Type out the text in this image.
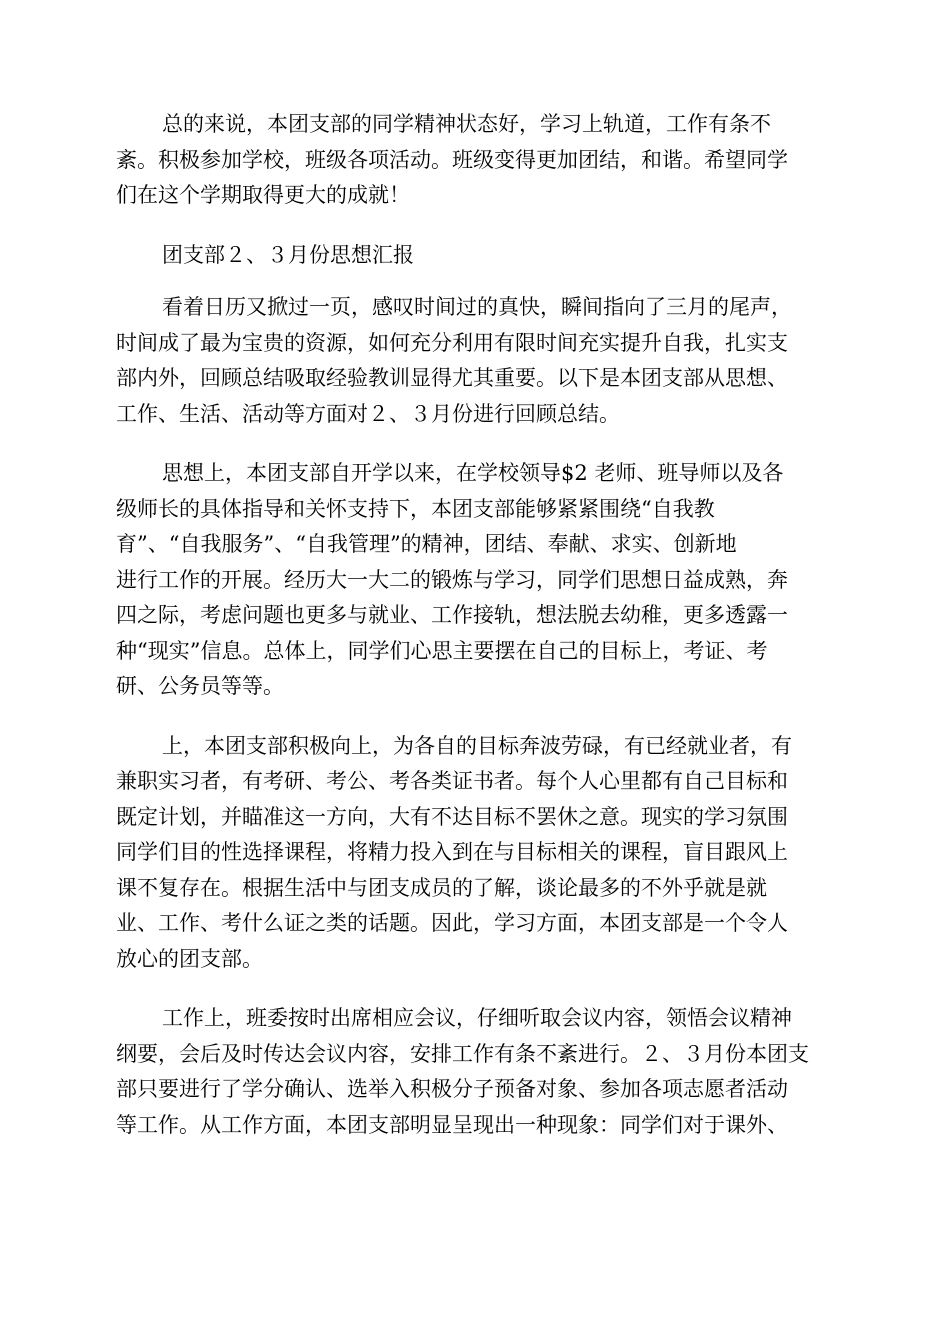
总的来说，本团支部的同学精神状态好，学习上轨道，工作有条不
紊。积极参加学校，班级各项活动。班级变得更加团结，和谐。希望同学
们在这个学期取得更大的成就！
团支部２、３月份思想汇报
看着日历又掀过一页，感叹时间过的真快，瞬间指向了三月的尾声，
时间成了最为宝贵的资源，如何充分利用有限时间充实提升自我，扎实支
部内外，回顾总结吸取经验教训显得尤其重要。以下是本团支部从思想、
工作、生活、活动等方面对２、３月份进行回顾总结。
思想上，本团支部自开学以来，在学校领导$2 老师、班导师以及各
级师长的具体指导和关怀支持下，本团支部能够紧紧围绕“自我教
育”、“自我服务”、“自我管理”的精神，团结、奉献、求实、创新地
进行工作的开展。经历大一大二的锻炼与学习，同学们思想日益成熟，奔
四之际，考虑问题也更多与就业、工作接轨，想法脱去幼稚，更多透露一
种“现实”信息。总体上，同学们心思主要摆在自己的目标上，考证、考
研、公务员等等。
上，本团支部积极向上，为各自的目标奔波劳碌，有已经就业者，有
兼职实习者，有考研、考公、考各类证书者。每个人心里都有自己目标和
既定计划，并瞄准这一方向，大有不达目标不罢休之意。现实的学习氛围
同学们目的性选择课程，将精力投入到在与目标相关的课程，盲目跟风上
课不复存在。根据生活中与团支成员的了解，谈论最多的不外乎就是就
业、工作、考什么证之类的话题。因此，学习方面，本团支部是一个令人
放心的团支部。
工作上，班委按时出席相应会议，仔细听取会议内容，领悟会议精神
纲要，会后及时传达会议内容，安排工作有条不紊进行。２、３月份本团支
部只要进行了学分确认、选举入积极分子预备对象、参加各项志愿者活动
等工作。从工作方面，本团支部明显呈现出一种现象：同学们对于课外、
